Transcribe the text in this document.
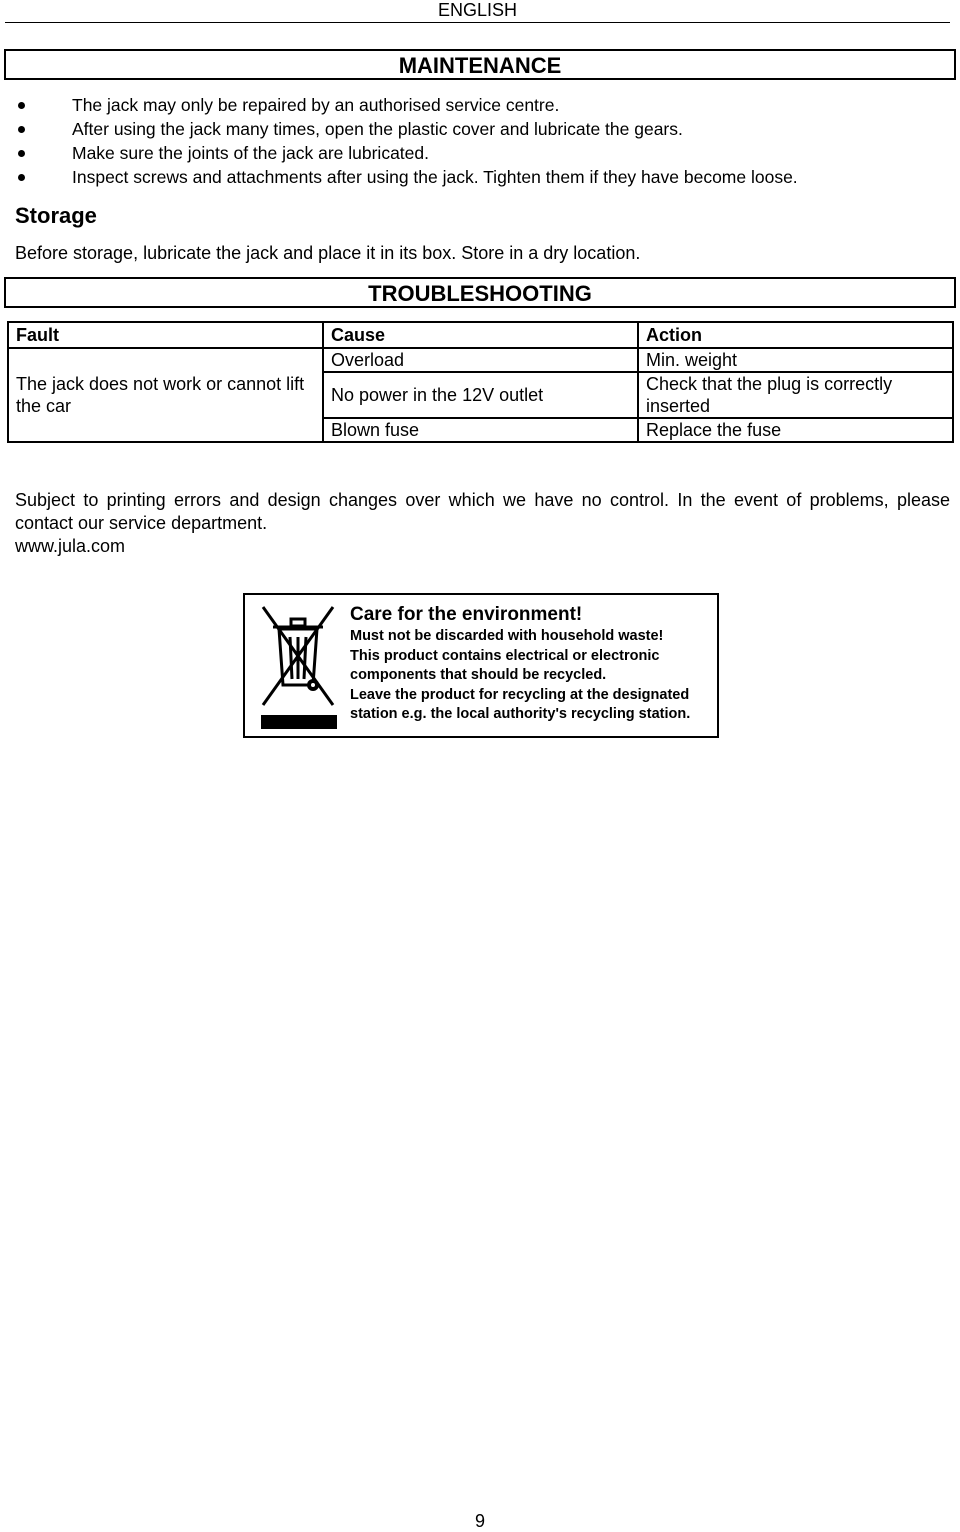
ENGLISH
MAINTENANCE
The jack may only be repaired by an authorised service centre.
After using the jack many times, open the plastic cover and lubricate the gears.
Make sure the joints of the jack are lubricated.
Inspect screws and attachments after using the jack. Tighten them if they have become loose.
Storage
Before storage, lubricate the jack and place it in its box. Store in a dry location.
TROUBLESHOOTING
Fault	Cause	Action
The jack does not work or cannot lift the car	Overload	Min. weight
	No power in the 12V outlet	Check that the plug is correctly inserted
	Blown fuse	Replace the fuse
Subject to printing errors and design changes over which we have no control. In the event of problems, please contact our service department.
www.jula.com
Care for the environment!
Must not be discarded with household waste!
This product contains electrical or electronic
components that should be recycled.
Leave the product for recycling at the designated
station e.g. the local authority's recycling station.
9
